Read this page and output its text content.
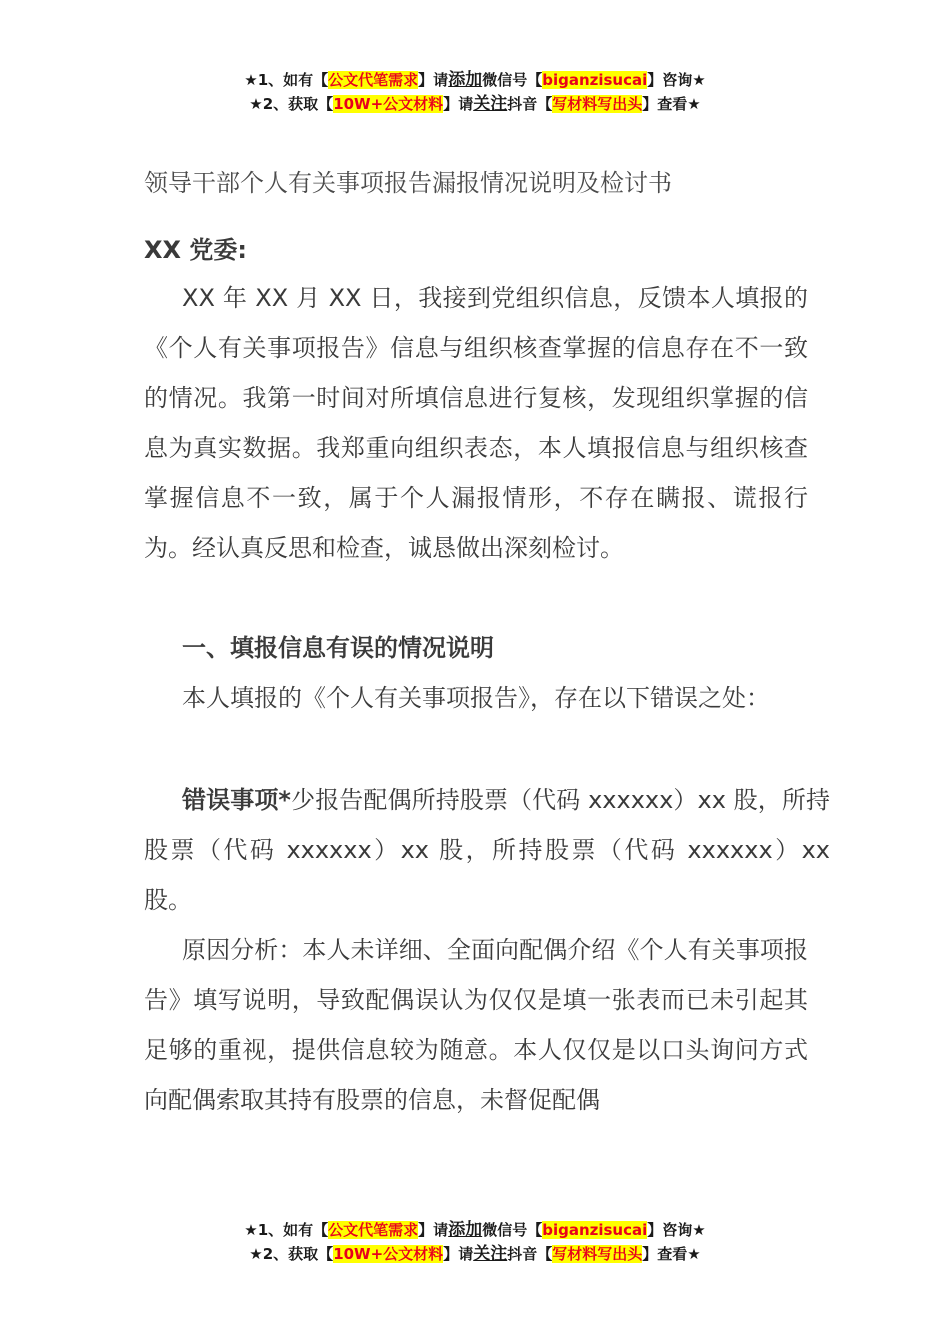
★1、如有【公文代笔需求】请添加微信号【biganzisucai】咨询★
★2、获取【10W+公文材料】请关注抖音【写材料写出头】查看★
领导干部个人有关事项报告漏报情况说明及检讨书
XX 党委:

XX 年 XX 月 XX 日，我接到党组织信息，反馈本人填报的《个人有关事项报告》信息与组织核查掌握的信息存在不一致的情况。我第一时间对所填信息进行复核，发现组织掌握的信息为真实数据。我郑重向组织表态，本人填报信息与组织核查掌握信息不一致，属于个人漏报情形，不存在瞒报、谎报行为。经认真反思和检查，诚恳做出深刻检讨。

一、填报信息有误的情况说明
本人填报的《个人有关事项报告》，存在以下错误之处：

错误事项*少报告配偶所持股票（代码 xxxxxx）xx 股，所持股票（代码 xxxxxx）xx 股，所持股票（代码 xxxxxx）xx 股。

原因分析：本人未详细、全面向配偶介绍《个人有关事项报告》填写说明，导致配偶误认为仅仅是填一张表而已未引起其足够的重视，提供信息较为随意。本人仅仅是以口头询问方式向配偶索取其持有股票的信息，未督促配偶

★1、如有【公文代笔需求】请添加微信号【biganzisucai】咨询★
★2、获取【10W+公文材料】请关注抖音【写材料写出头】查看★
